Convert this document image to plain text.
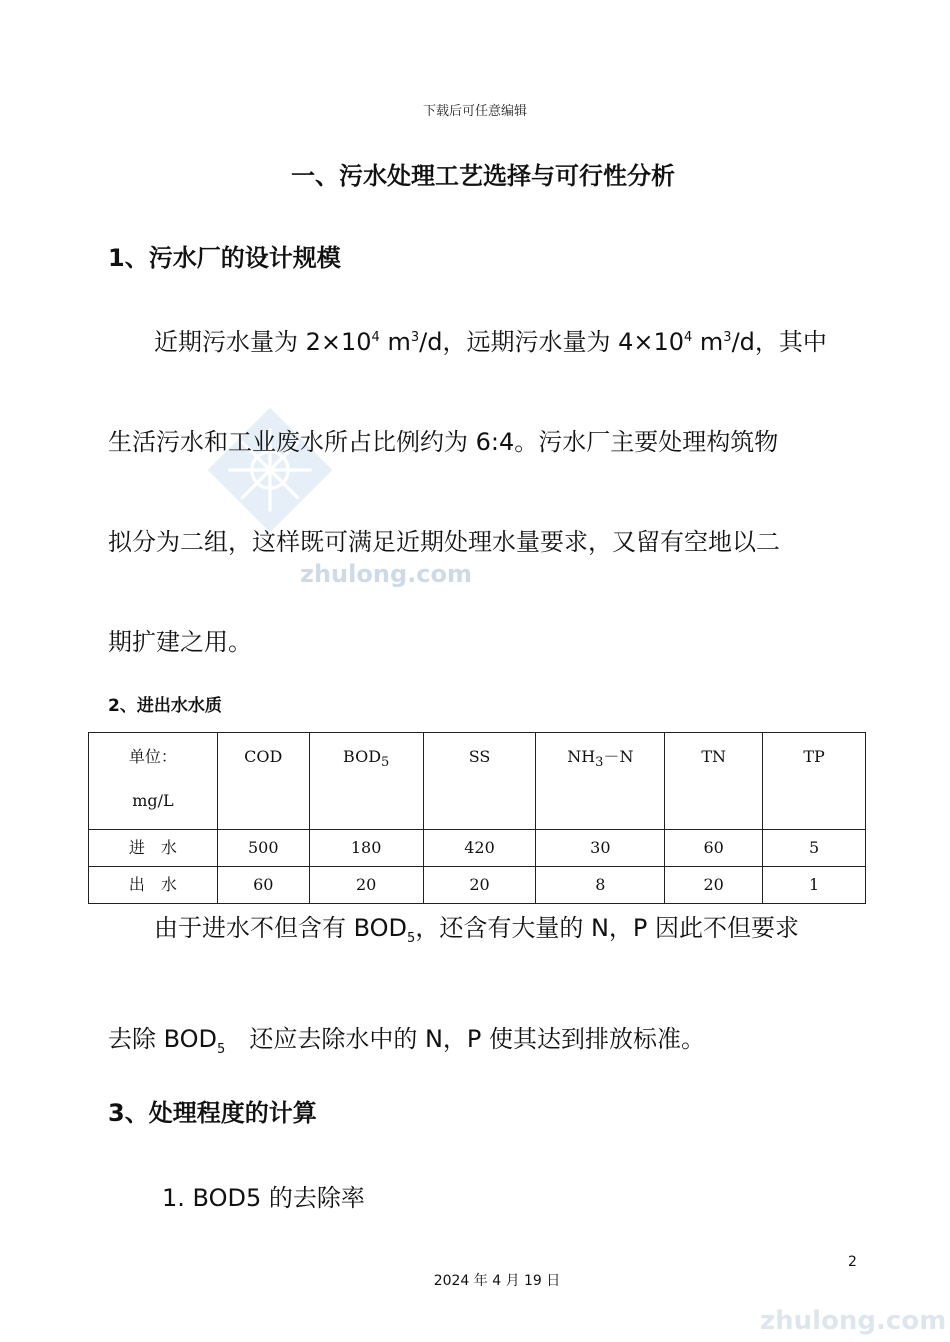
下载后可任意编辑
一、污水处理工艺选择与可行性分析
1、污水厂的设计规模
zhulong.com

近期污水量为 $2\times 10^4$ $m^3/d$，远期污水量为 $4\times 10^4$ $m^3/d$，其中

生活污水和工业废水所占比例约为 6:4。污水厂主要处理构筑物

拟分为二组，这样既可满足近期处理水量要求，又留有空地以二

期扩建之用。

2、进出水水质
单位：
mg/L	COD	$BOD_5$	SS	$NH_3-N$	TN	TP
进　水	500	180	420	30	60	5
出　水	60	20	20	8	20	1

由于进水不但含有 $BOD_5$，还含有大量的 N，P 因此不但要求

去除 $BOD_5$　还应去除水中的 N，P 使其达到排放标准。

3、处理程度的计算
1. BOD5 的去除率
2
2024 年 4 月 19 日
zhulong.com
